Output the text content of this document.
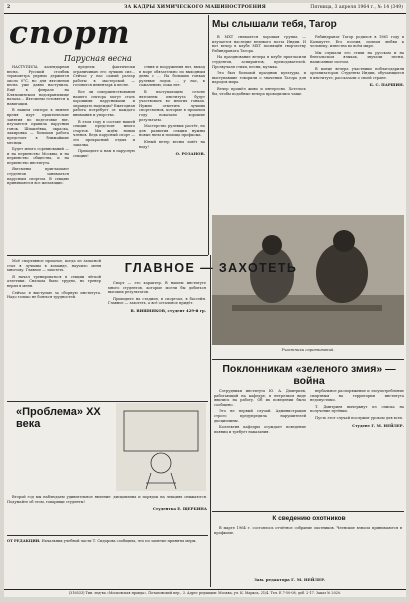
2	ЗА КАДРЫ ХИМИЧЕСКОГО МАШИНОСТРОЕНИЯ	Пятница, 3 апреля 1964 г., № 14 (349)
спорт
Парусная весна

НАСТУПИЛА календарная весна. Русский столбик термометра упрямо держится около 0°С, но для яхтсменов весна уже давно наступила. Ещё в феврале на Клязьминском водохранилище начала... Яхтсмены готовятся к навигации.

В нашем секторе в зимнее время идут практические занятия по подготовке яхт, изучаются правила парусных гонок. Шпаклёвка, окраска, лакировка — большая работа предстоит в ближайшие месяцы.

Будет много соревнований — и на первенство Москвы, и на первенство общества, и на первенство института.

Яхтсмены приглашают студентов заниматься парусным спортом. В секцию принимаются все желающие.

пределы: фактически ограничиваю его лучших сил... Сейчас у нас самый разгар работы в мастерской — готовится инвентарь к весне.

Все ли совершенствования нашего сектора могут стать хорошими парусниками и оправдать надежды? Ежегодная работа потребует от каждого внимания и упорства.

В этом году в составе нашей секции предстоит много стартов. Мы ждём новых членов. Ведь парусный спорт — это прекрасный отдых и закалка.

Приходите к нам в парусную секцию!

ствия и вооружения яхт, выход в море обязательно по выходным дням с ... На больших гонках рулевые лодок ... у нас, к сожалению, пока нет.

В наступающем сезоне яхтсмены института будут участвовать во многих гонках. Нужно отметить лучших спортсменов, которые в прошлом году показали хорошие результаты.

Мастерство рулевых растёт, но для развития секции нужны новые яхты и помощь профкома.

Юный ветер весны зовёт на воду!

О. РОЗАНОВ.
Мы слышали тебя, Тагор

В МХТ снимается хорошая группа — изучается наследие великого поэта Индии. И вот вечер в клубе МХТ посвящён творчеству Рабиндраната Тагора.

На празднование вечера в клубе пригласили студентов, аспирантов, преподавателей. Прозвучали стихи, песни, музыка.

Это был большой праздник культуры, и выступавшие говорили о значении Тагора для народов мира.

Вечер прошёл живо и интересно. Хотелось бы, чтобы подобные вечера проводились чаще.

Рабиндранат Тагор родился в 1861 году в Калькутте. Его поэзия, полная любви к человеку, известна во всём мире.

Мы слушали его стихи на русском и на бенгальском языках, звучали песни, написанные поэтом.

В конце вечера участники поблагодарили организаторов. Студенты Индии, обучающиеся в институте, рассказали о своей стране.

Б. С. ПАРШИН.
Участники соревнований.

Моё спортивное прошлое, когда из запасной стал я лучшим в команде, научило меня многому. Главное — захотеть.

Я начал тренироваться в секции лёгкой атлетики. Сначала было трудно, но тренер верил в меня.

Сейчас я выступаю за сборную института. Надо только не бояться трудностей.

ГЛАВНОЕ — ЗАХОТЕТЬ

Спорт — это характер. В нашем институте много студентов, которые могли бы добиться высоких результатов.

Приходите на стадион, в спортзал, в бассейн. Главное — захотеть, а всё остальное придёт.

В. ВИШНЯКОВ, студент 429-й гр.
«Проблема» XX века

Второй год мы наблюдаем удивительное явление: дисциплина и порядок на лекциях снижаются. Подумайте об этом, товарищи студенты!

Студентка Е. ЩЕРБИНА

ОТ РЕДАКЦИИ. Начальник учебной части Т. Сидорова сообщила, что по заметке приняты меры.

Поклонникам «зеленого змия» — война

Сотрудники института Ю. А. Дмитриев, работающий на кафедре, в нетрезвом виде явились на работу. Об их поведении было сообщено.

Это не первый случай. Администрация строго предупредила нарушителей дисциплины.

Коллектив кафедры осуждает поведение пьяниц и требует наказания.

вербальное распоряжение и злоупотребление спиртным на территории института недопустимо.

Т. Дмитриев вычеркнут из списка на получение путёвки.

Пусть этот случай послужит уроком для всех.

Студент Г. М. НЕЙЛЕР.
К сведению охотников

В марте 1964 г. состоялось отчётное собрание охотников. Членские взносы принимаются в профкоме.

Зам. редактора Г. М. НЕЙЛЕР.
(316533) Тип. изд-ва «Московская правда», Потаповский пер., 3. Адрес редакции: Москва, ул. К. Маркса, 21/4. Тел. Е 7-50-08, доб. 2-17. Заказ № 2020.
